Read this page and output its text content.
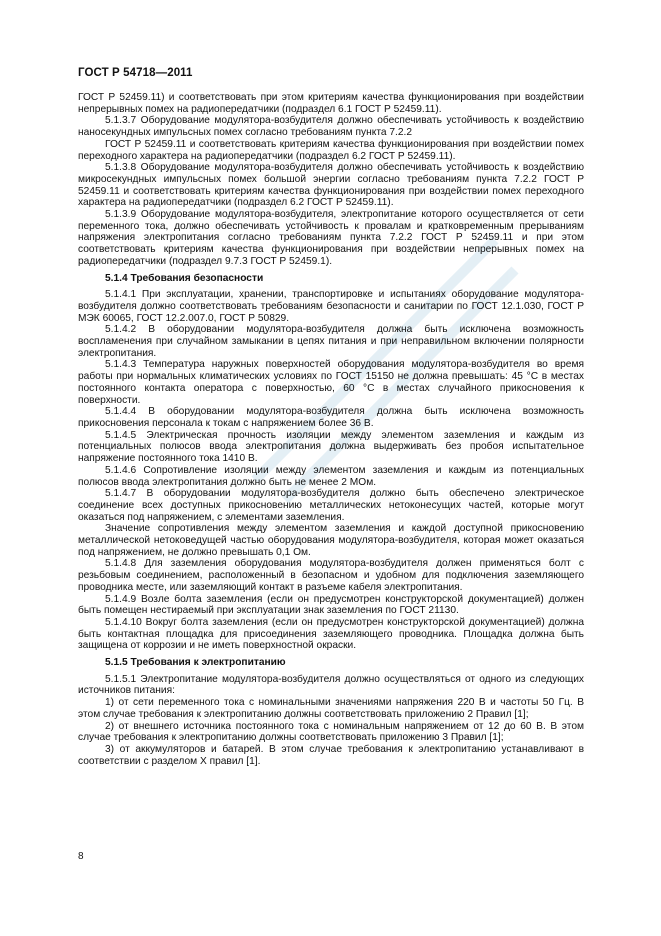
ГОСТ Р 54718—2011

ГОСТ Р 52459.11) и соответствовать при этом критериям качества функционирования при воздействии непрерывных помех на радиопередатчики (подраздел 6.1 ГОСТ Р 52459.11).

5.1.3.7 Оборудование модулятора-возбудителя должно обеспечивать устойчивость к воздействию наносекундных импульсных помех согласно требованиям пункта 7.2.2

ГОСТ Р 52459.11 и соответствовать критериям качества функционирования при воздействии помех переходного характера на радиопередатчики (подраздел 6.2 ГОСТ Р 52459.11).

5.1.3.8 Оборудование модулятора-возбудителя должно обеспечивать устойчивость к воздействию микросекундных импульсных помех большой энергии согласно требованиям пункта 7.2.2 ГОСТ Р 52459.11 и соответствовать критериям качества функционирования при воздействии помех переходного характера на радиопередатчики (подраздел 6.2 ГОСТ Р 52459.11).

5.1.3.9 Оборудование модулятора-возбудителя, электропитание которого осуществляется от сети переменного тока, должно обеспечивать устойчивость к провалам и кратковременным прерываниям напряжения электропитания согласно требованиям пункта 7.2.2 ГОСТ Р 52459.11 и при этом соответствовать критериям качества функционирования при воздействии непрерывных помех на радиопередатчики (подраздел 9.7.3 ГОСТ Р 52459.1).

5.1.4 Требования безопасности

5.1.4.1 При эксплуатации, хранении, транспортировке и испытаниях оборудование модулятора-возбудителя должно соответствовать требованиям безопасности и санитарии по ГОСТ 12.1.030, ГОСТ Р МЭК 60065, ГОСТ 12.2.007.0, ГОСТ Р 50829.

5.1.4.2 В оборудовании модулятора-возбудителя должна быть исключена возможность воспламенения при случайном замыкании в цепях питания и при неправильном включении полярности электропитания.

5.1.4.3 Температура наружных поверхностей оборудования модулятора-возбудителя во время работы при нормальных климатических условиях по ГОСТ 15150 не должна превышать: 45 °С в местах постоянного контакта оператора с поверхностью, 60 °С в местах случайного прикосновения к поверхности.

5.1.4.4 В оборудовании модулятора-возбудителя должна быть исключена возможность прикосновения персонала к токам с напряжением более 36 В.

5.1.4.5 Электрическая прочность изоляции между элементом заземления и каждым из потенциальных полюсов ввода электропитания должна выдерживать без пробоя испытательное напряжение постоянного тока 1410 В.

5.1.4.6 Сопротивление изоляции между элементом заземления и каждым из потенциальных полюсов ввода электропитания должно быть не менее 2 МОм.

5.1.4.7 В оборудовании модулятора-возбудителя должно быть обеспечено электрическое соединение всех доступных прикосновению металлических нетоконесущих частей, которые могут оказаться под напряжением, с элементами заземления.

Значение сопротивления между элементом заземления и каждой доступной прикосновению металлической нетоковедущей частью оборудования модулятора-возбудителя, которая может оказаться под напряжением, не должно превышать 0,1 Ом.

5.1.4.8 Для заземления оборудования модулятора-возбудителя должен применяться болт с резьбовым соединением, расположенный в безопасном и удобном для подключения заземляющего проводника месте, или заземляющий контакт в разъеме кабеля электропитания.

5.1.4.9 Возле болта заземления (если он предусмотрен конструкторской документацией) должен быть помещен нестираемый при эксплуатации знак заземления по ГОСТ 21130.

5.1.4.10 Вокруг болта заземления (если он предусмотрен конструкторской документацией) должна быть контактная площадка для присоединения заземляющего проводника. Площадка должна быть защищена от коррозии и не иметь поверхностной окраски.

5.1.5 Требования к электропитанию

5.1.5.1 Электропитание модулятора-возбудителя должно осуществляться от одного из следующих источников питания:

1) от сети переменного тока с номинальными значениями напряжения 220 В и частоты 50 Гц. В этом случае требования к электропитанию должны соответствовать приложению 2 Правил [1];

2) от внешнего источника постоянного тока с номинальным напряжением от 12 до 60 В. В этом случае требования к электропитанию должны соответствовать приложению 3 Правил [1];

3) от аккумуляторов и батарей. В этом случае требования к электропитанию устанавливают в соответствии с разделом X правил [1].

8
